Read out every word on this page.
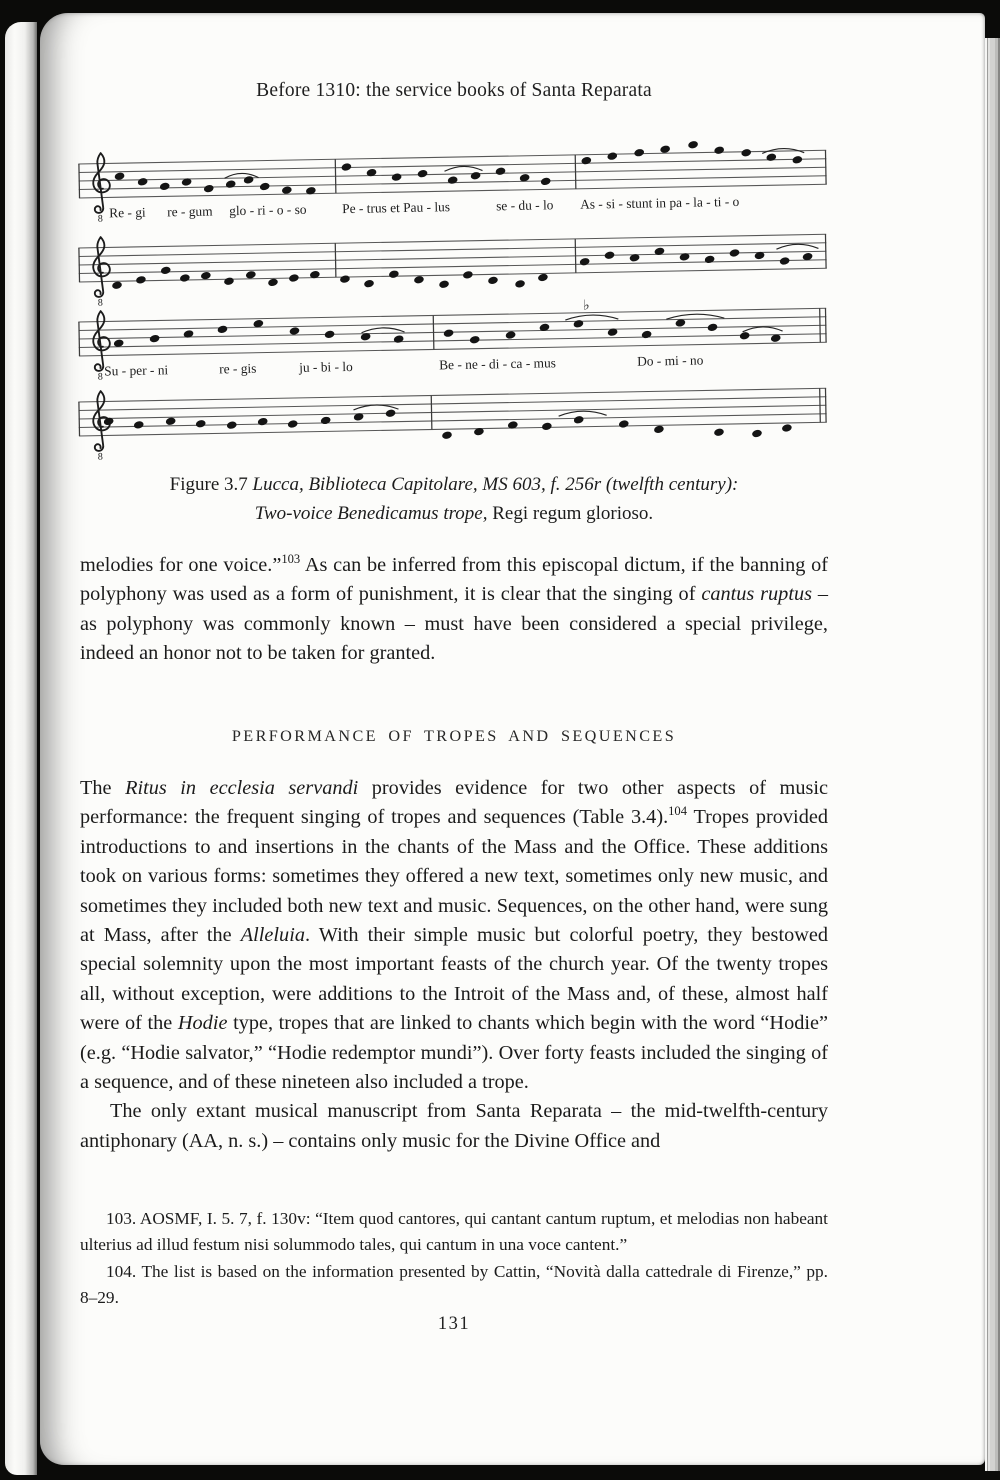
Before 1310: the service books of Santa Reparata
8 Re - gi re - gum glo - ri - o - so	Pe - trus et Pau - lus	se - du - lo As - si - stunt in pa - la - ti - o
8
8
♭
Su - per - ni	re - gis	ju - bi - lo	Be - ne - di - ca - mus	Do - mi - no
8
Figure 3.7 Lucca, Biblioteca Capitolare, MS 603, f. 256r (twelfth century):
Two-voice Benedicamus trope, Regi regum glorioso.
melodies for one voice.”$^{103}$ As can be inferred from this episcopal dictum, if the banning of polyphony was used as a form of punishment, it is clear that the singing of cantus ruptus – as polyphony was commonly known – must have been considered a special privilege, indeed an honor not to be taken for granted.
PERFORMANCE OF TROPES AND SEQUENCES

The Ritus in ecclesia servandi provides evidence for two other aspects of music performance: the frequent singing of tropes and sequences (Table 3.4).$^{104}$ Tropes provided introductions to and insertions in the chants of the Mass and the Office. These additions took on various forms: sometimes they offered a new text, sometimes only new music, and sometimes they included both new text and music. Sequences, on the other hand, were sung at Mass, after the Alleluia. With their simple music but colorful poetry, they bestowed special solemnity upon the most important feasts of the church year. Of the twenty tropes all, without exception, were additions to the Introit of the Mass and, of these, almost half were of the Hodie type, tropes that are linked to chants which begin with the word “Hodie” (e.g. “Hodie salvator,” “Hodie redemptor mundi”). Over forty feasts included the singing of a sequence, and of these nineteen also included a trope.

The only extant musical manuscript from Santa Reparata – the mid-twelfth-century antiphonary (AA, n. s.) – contains only music for the Divine Office and

103. AOSMF, I. 5. 7, f. 130v: “Item quod cantores, qui cantant cantum ruptum, et melodias non habeant ulterius ad illud festum nisi solummodo tales, qui cantum in una voce cantent.”

104. The list is based on the information presented by Cattin, “Novità dalla cattedrale di Firenze,” pp. 8–29.

131
